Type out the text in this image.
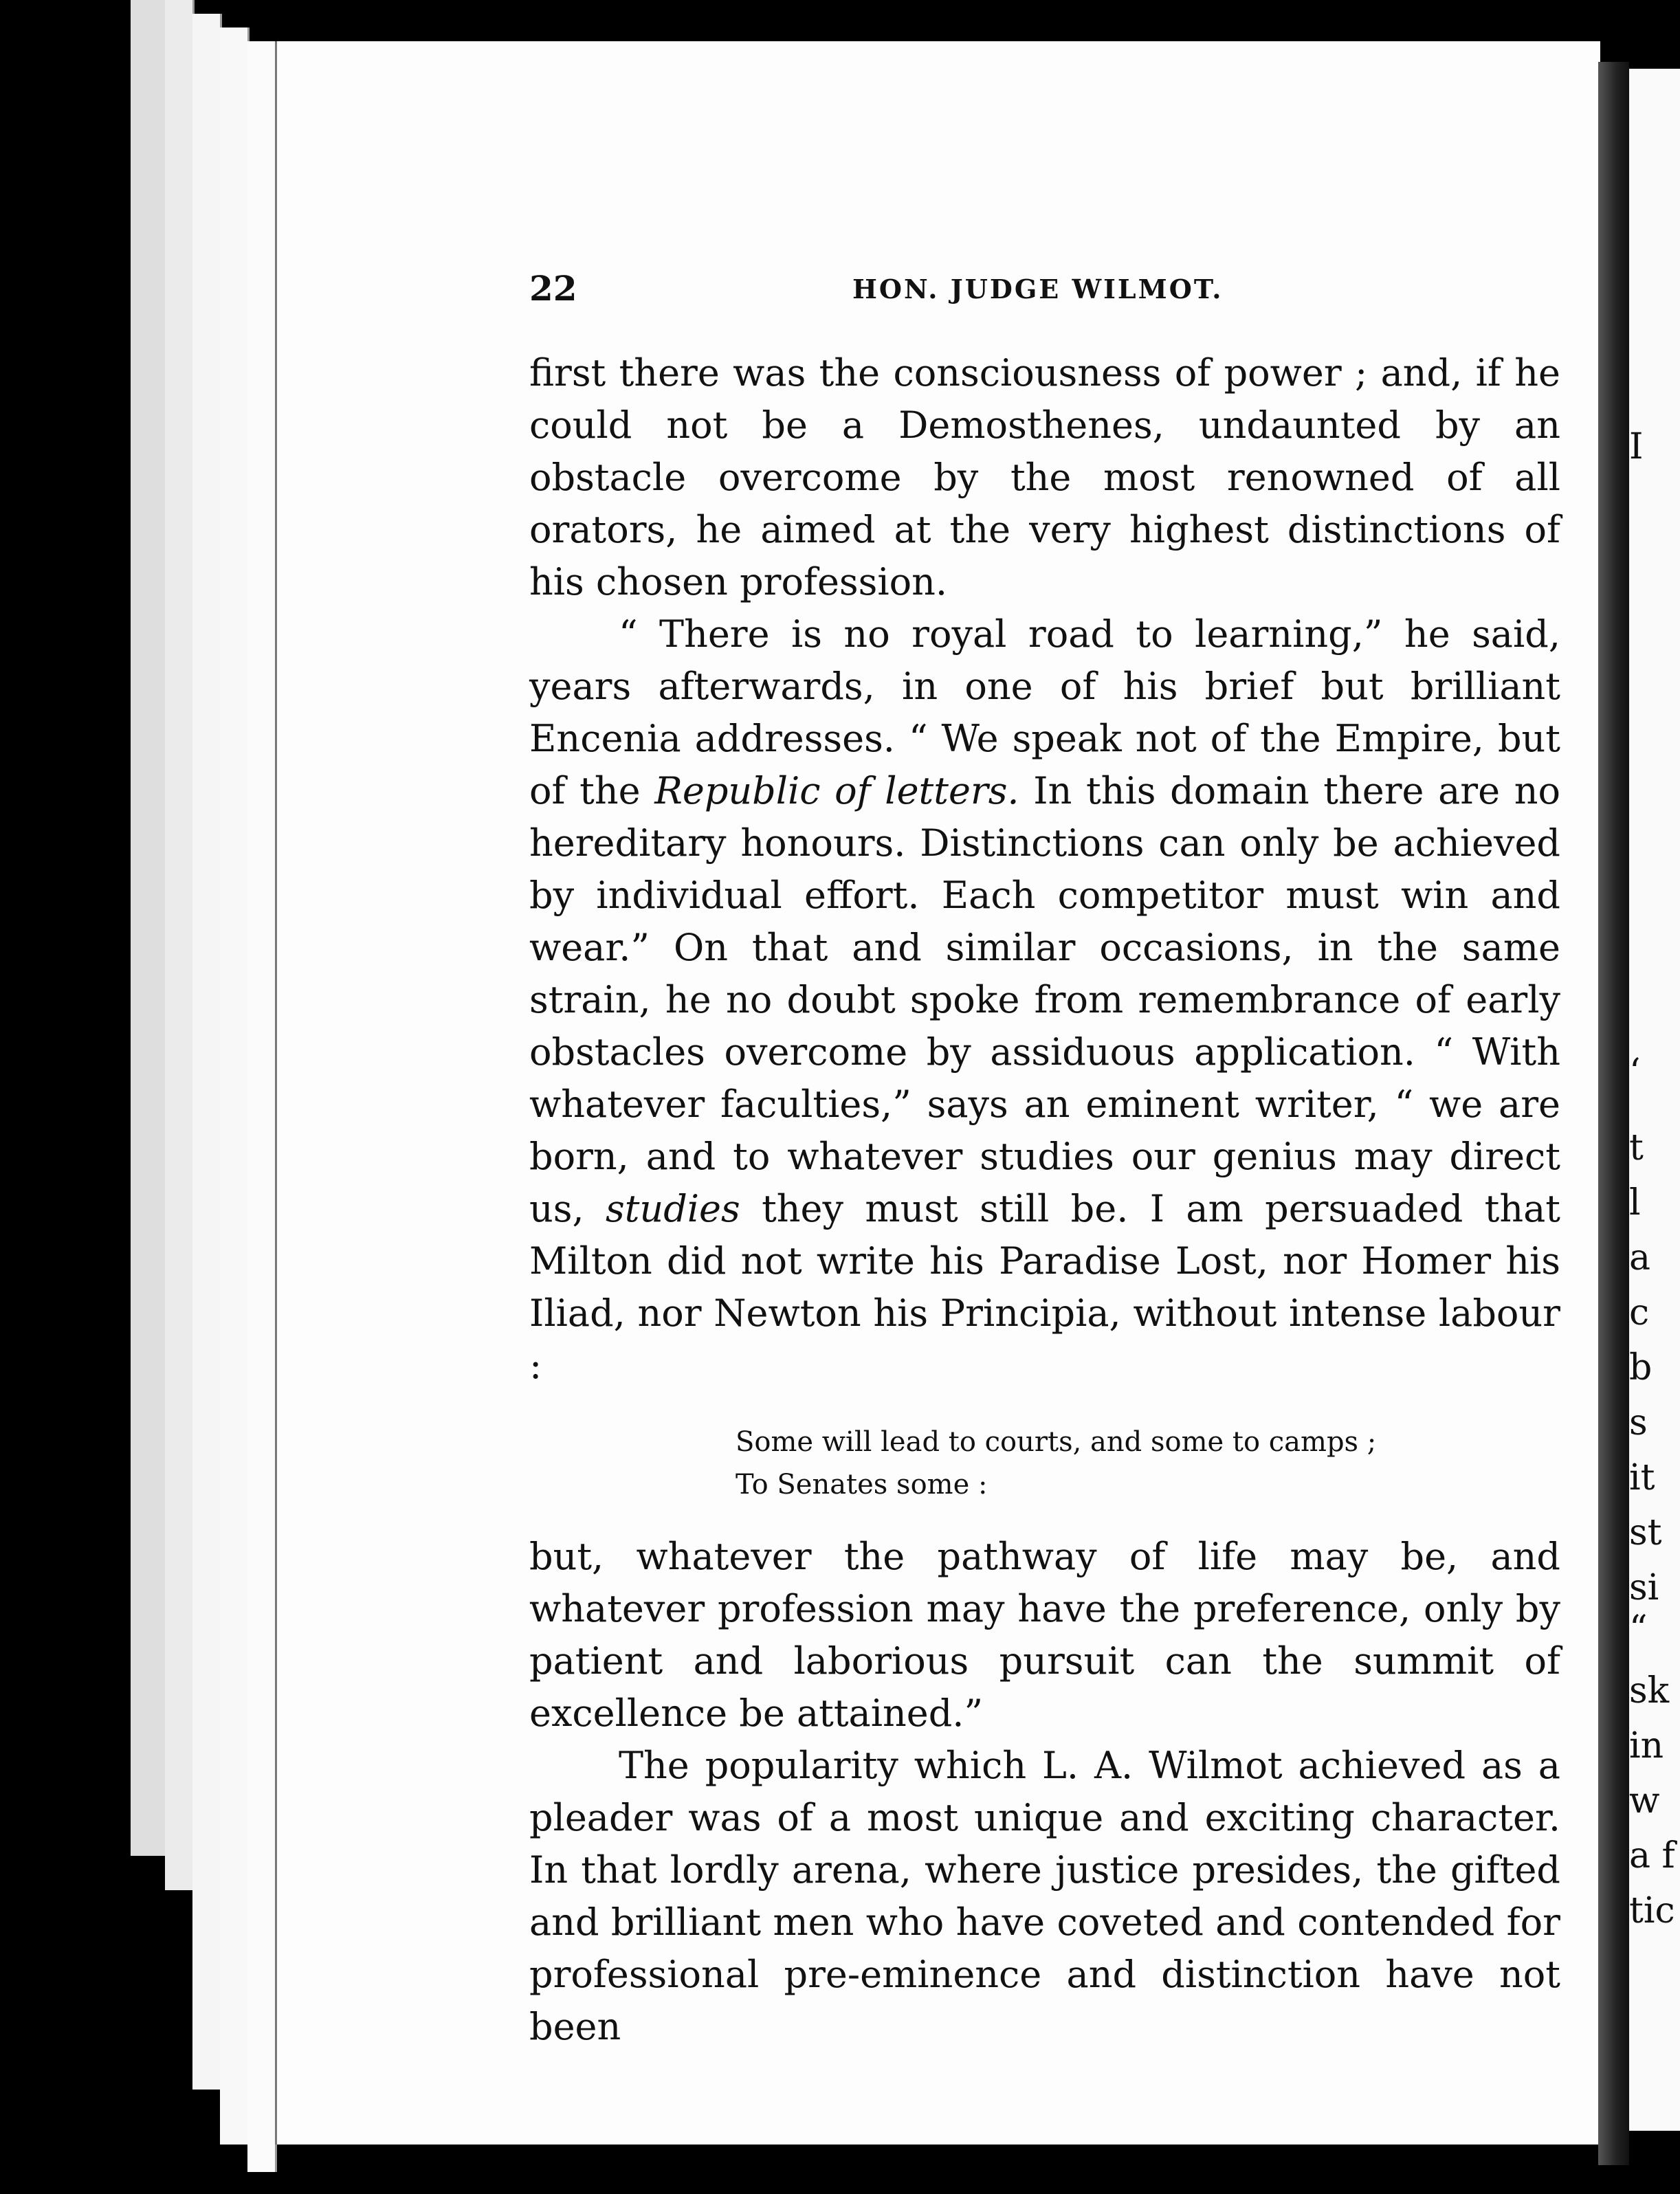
I
‘
t
l
a
c
b
s
it
st
si
“
sk
in
w
a f
tic
22	HON. JUDGE WILMOT.

first there was the consciousness of power ; and, if he could not be a Demosthenes, undaunted by an obstacle overcome by the most renowned of all orators, he aimed at the very highest distinctions of his chosen profession.

“ There is no royal road to learning,” he said, years afterwards, in one of his brief but brilliant Encenia addresses. “ We speak not of the Empire, but of the Republic of letters. In this domain there are no hereditary honours. Distinctions can only be achieved by individual effort. Each competitor must win and wear.” On that and similar occasions, in the same strain, he no doubt spoke from remembrance of early obstacles overcome by assiduous application. “ With whatever faculties,” says an eminent writer, “ we are born, and to whatever studies our genius may direct us, studies they must still be. I am persuaded that Milton did not write his Paradise Lost, nor Homer his Iliad, nor Newton his Principia, without intense labour :

Some will lead to courts, and some to camps ;
To Senates some :

but, whatever the pathway of life may be, and whatever profession may have the preference, only by patient and laborious pursuit can the summit of excellence be attained.”

The popularity which L. A. Wilmot achieved as a pleader was of a most unique and exciting character. In that lordly arena, where justice presides, the gifted and brilliant men who have coveted and contended for professional pre-eminence and distinction have not been
